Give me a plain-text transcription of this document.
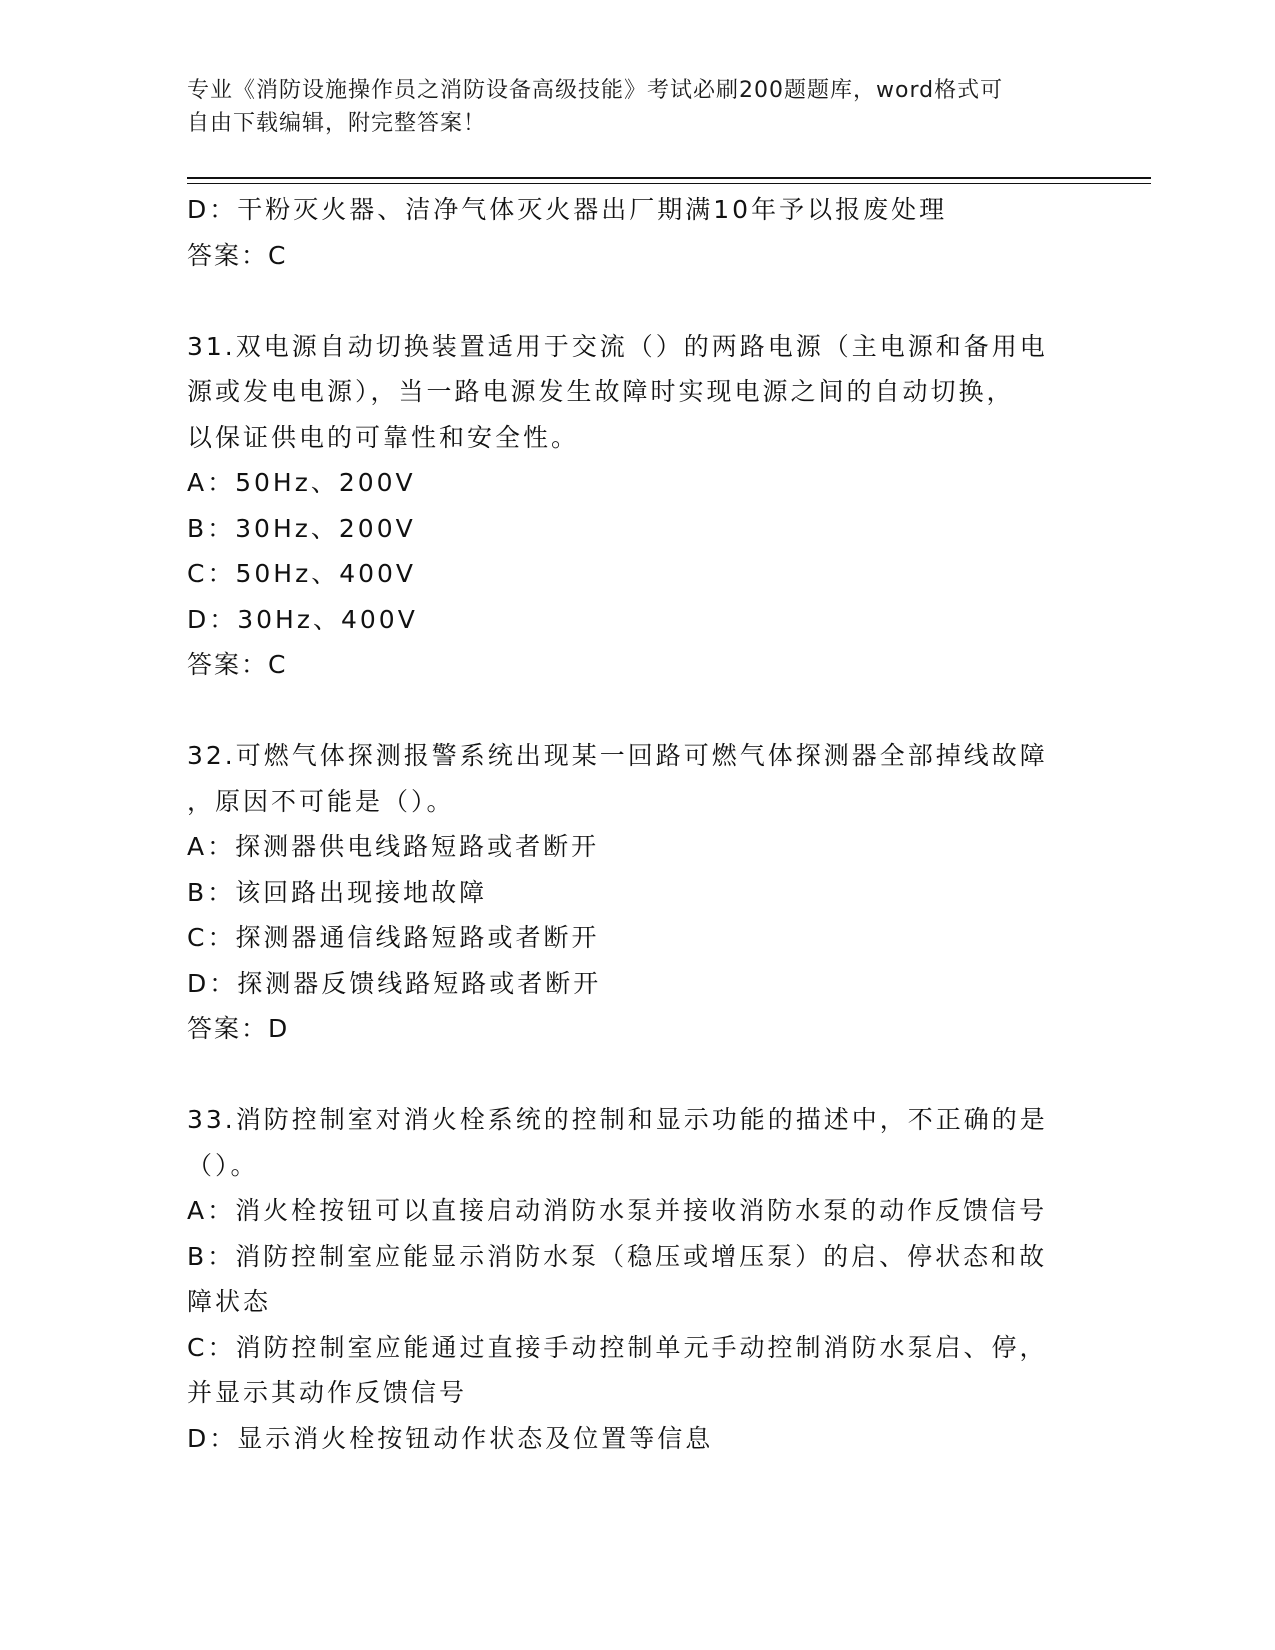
专业《消防设施操作员之消防设备高级技能》考试必刷200题题库，word格式可
自由下载编辑，附完整答案！

D：干粉灭火器、洁净气体灭火器出厂期满10年予以报废处理

答案：C

31.双电源自动切换装置适用于交流（）的两路电源（主电源和备用电

源或发电电源），当一路电源发生故障时实现电源之间的自动切换，

以保证供电的可靠性和安全性。

A：50Hz、200V

B：30Hz、200V

C：50Hz、400V

D：30Hz、400V

答案：C

32.可燃气体探测报警系统出现某一回路可燃气体探测器全部掉线故障

，原因不可能是（）。

A：探测器供电线路短路或者断开

B：该回路出现接地故障

C：探测器通信线路短路或者断开

D：探测器反馈线路短路或者断开

答案：D

33.消防控制室对消火栓系统的控制和显示功能的描述中，不正确的是

（）。

A：消火栓按钮可以直接启动消防水泵并接收消防水泵的动作反馈信号

B：消防控制室应能显示消防水泵（稳压或增压泵）的启、停状态和故

障状态

C：消防控制室应能通过直接手动控制单元手动控制消防水泵启、停，

并显示其动作反馈信号

D：显示消火栓按钮动作状态及位置等信息
